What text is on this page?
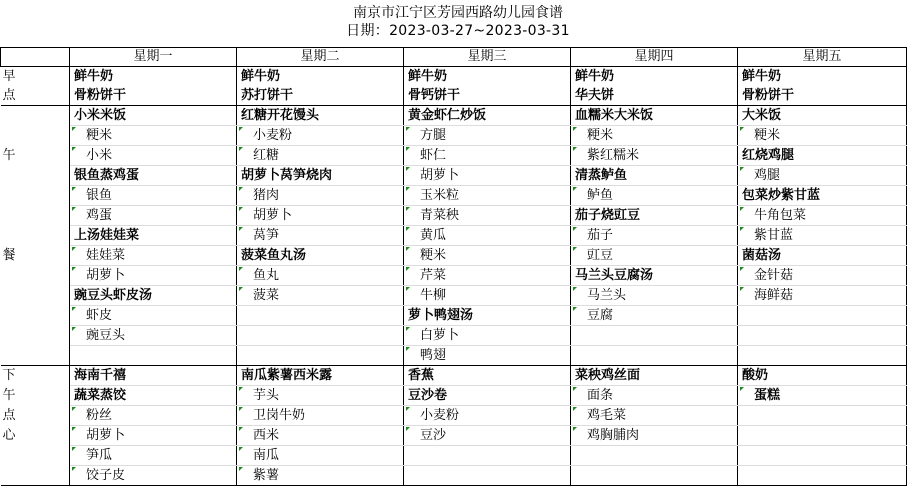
南京市江宁区芳园西路幼儿园食谱
日期：2023-03-27~2023-03-31
	星期一	星期二	星期三	星期四	星期五
早	鲜牛奶	鲜牛奶	鲜牛奶	鲜牛奶	鲜牛奶
点	骨粉饼干	苏打饼干	骨钙饼干	华夫饼	骨粉饼干
	小米米饭	红糖开花馒头	黄金虾仁炒饭	血糯米大米饭	大米饭
	粳米	小麦粉	方腿	粳米	粳米
午	小米	红糖	虾仁	紫红糯米	红烧鸡腿
	银鱼蒸鸡蛋	胡萝卜莴笋烧肉	胡萝卜	清蒸鲈鱼	鸡腿
	银鱼	猪肉	玉米粒	鲈鱼	包菜炒紫甘蓝
	鸡蛋	胡萝卜	青菜秧	茄子烧豇豆	牛角包菜
	上汤娃娃菜	莴笋	黄瓜	茄子	紫甘蓝
餐	娃娃菜	菠菜鱼丸汤	粳米	豇豆	菌菇汤
	胡萝卜	鱼丸	芹菜	马兰头豆腐汤	金针菇
	豌豆头虾皮汤	菠菜	牛柳	马兰头	海鲜菇
	虾皮		萝卜鸭翅汤	豆腐	
	豌豆头		白萝卜		
			鸭翅		
下	海南千禧	南瓜紫薯西米露	香蕉	菜秧鸡丝面	酸奶
午	蔬菜蒸饺	芋头	豆沙卷	面条	蛋糕
点	粉丝	卫岗牛奶	小麦粉	鸡毛菜	
心	胡萝卜	西米	豆沙	鸡胸脯肉	
	笋瓜	南瓜			
	饺子皮	紫薯			
